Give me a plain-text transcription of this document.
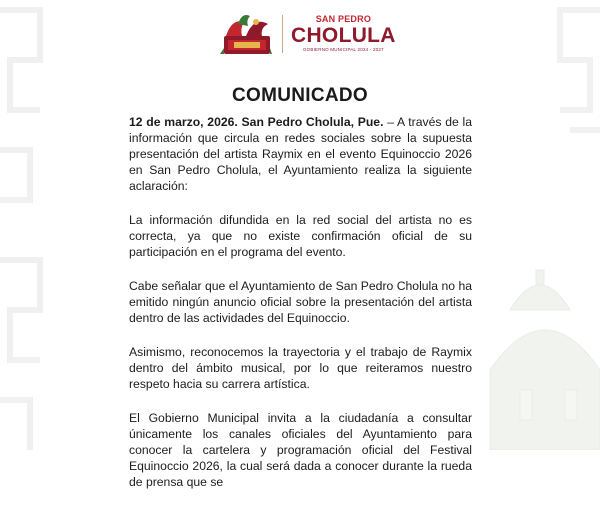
SAN PEDRO
CHOLULA
GOBIERNO MUNICIPAL 2024 - 2027
COMUNICADO

12 de marzo, 2026. San Pedro Cholula, Pue. – A través de la información que circula en redes sociales sobre la supuesta presentación del artista Raymix en el evento Equinoccio 2026 en San Pedro Cholula, el Ayuntamiento realiza la siguiente aclaración:

La información difundida en la red social del artista no es correcta, ya que no existe confirmación oficial de su participación en el programa del evento.

Cabe señalar que el Ayuntamiento de San Pedro Cholula no ha emitido ningún anuncio oficial sobre la presentación del artista dentro de las actividades del Equinoccio.

Asimismo, reconocemos la trayectoria y el trabajo de Raymix dentro del ámbito musical, por lo que reiteramos nuestro respeto hacia su carrera artística.

El Gobierno Municipal invita a la ciudadanía a consultar únicamente los canales oficiales del Ayuntamiento para conocer la cartelera y programación oficial del Festival Equinoccio 2026, la cual será dada a conocer durante la rueda de prensa que se
